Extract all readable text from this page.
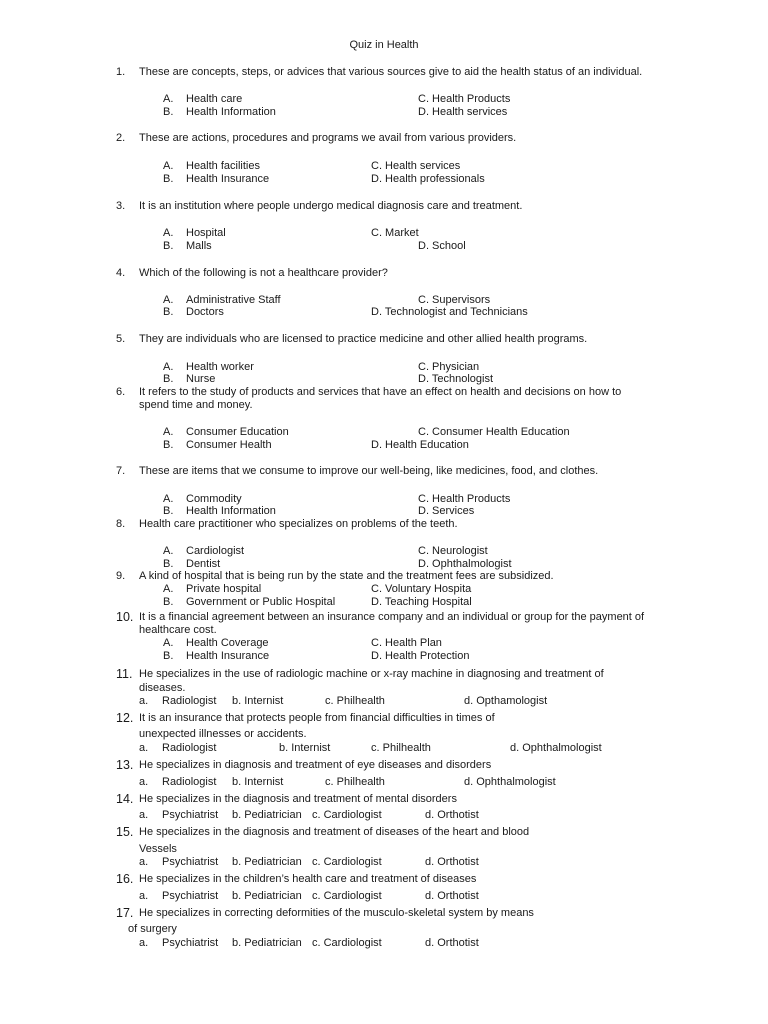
Quiz in Health
1. These are concepts, steps, or advices that various sources give to aid the health status of an individual.
A. Health care	C. Health Products
B. Health Information	D. Health services
2. These are actions, procedures and programs we avail from various providers.
A. Health facilities	C. Health services
B. Health Insurance	D. Health professionals
3. It is an institution where people undergo medical diagnosis care and treatment.
A. Hospital	C. Market
B. Malls	D. School
4. Which of the following is not a healthcare provider?
A. Administrative Staff	C. Supervisors
B. Doctors	D. Technologist and Technicians
5. They are individuals who are licensed to practice medicine and other allied health programs.
A. Health worker	C. Physician
B. Nurse	D. Technologist
6. It refers to the study of products and services that have an effect on health and decisions on how to
spend time and money.
A. Consumer Education	C. Consumer Health Education
B. Consumer Health	D. Health Education
7. These are items that we consume to improve our well-being, like medicines, food, and clothes.
A. Commodity	C. Health Products
B. Health Information	D. Services
8. Health care practitioner who specializes on problems of the teeth.
A. Cardiologist	C. Neurologist
B. Dentist	D. Ophthalmologist
9. A kind of hospital that is being run by the state and the treatment fees are subsidized.
A. Private hospital	C. Voluntary Hospita
B. Government or Public Hospital	D. Teaching Hospital
10. It is a financial agreement between an insurance company and an individual or group for the payment of
healthcare cost.
A. Health Coverage	C. Health Plan
B. Health Insurance	D. Health Protection
11. He specializes in the use of radiologic machine or x-ray machine in diagnosing and treatment of
diseases.
a. Radiologist b. Internist	c. Philhealth	d. Opthamologist
12. It is an insurance that protects people from financial difficulties in times of
unexpected illnesses or accidents.
a. Radiologist	b. Internist	c. Philhealth	d. Ophthalmologist
13. He specializes in diagnosis and treatment of eye diseases and disorders
a. Radiologist b. Internist	c. Philhealth	d. Ophthalmologist
14. He specializes in the diagnosis and treatment of mental disorders
a. Psychiatrist b. Pediatrician c. Cardiologist	d. Orthotist
15. He specializes in the diagnosis and treatment of diseases of the heart and blood
Vessels
a. Psychiatrist b. Pediatrician c. Cardiologist	d. Orthotist
16. He specializes in the children’s health care and treatment of diseases
a. Psychiatrist b. Pediatrician c. Cardiologist	d. Orthotist
17. He specializes in correcting deformities of the musculo-skeletal system by means
of surgery
a. Psychiatrist b. Pediatrician c. Cardiologist	d. Orthotist
